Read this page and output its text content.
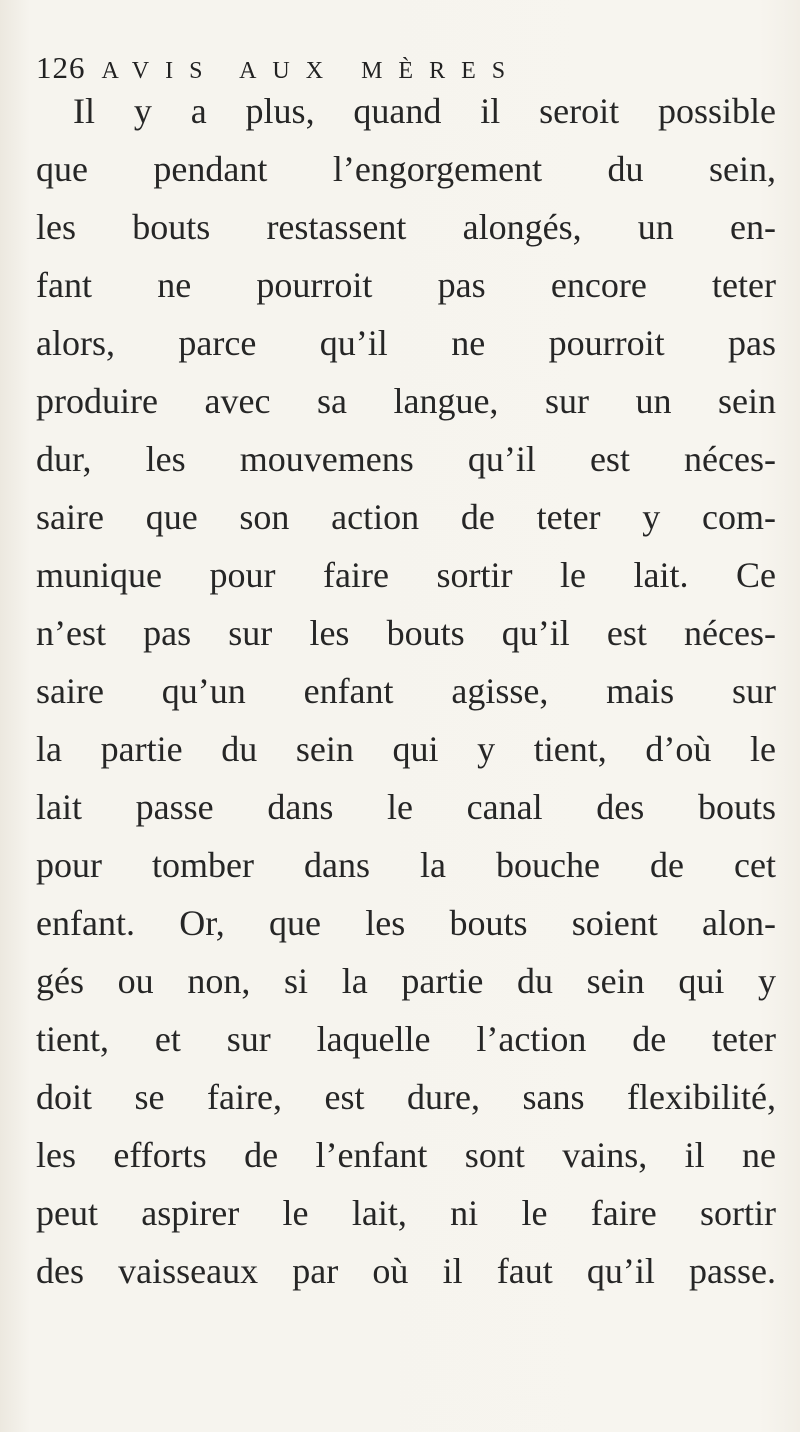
126 AVIS AUX MÈRES
Il y a plus, quand il seroit possible
que pendant l’engorgement du sein,
les bouts restassent alongés, un en-
fant ne pourroit pas encore teter
alors, parce qu’il ne pourroit pas
produire avec sa langue, sur un sein
dur, les mouvemens qu’il est néces-
saire que son action de teter y com-
munique pour faire sortir le lait. Ce
n’est pas sur les bouts qu’il est néces-
saire qu’un enfant agisse, mais sur
la partie du sein qui y tient, d’où le
lait passe dans le canal des bouts
pour tomber dans la bouche de cet
enfant. Or, que les bouts soient alon-
gés ou non, si la partie du sein qui y
tient, et sur laquelle l’action de teter
doit se faire, est dure, sans flexibilité,
les efforts de l’enfant sont vains, il ne
peut aspirer le lait, ni le faire sortir
des vaisseaux par où il faut qu’il passe.
